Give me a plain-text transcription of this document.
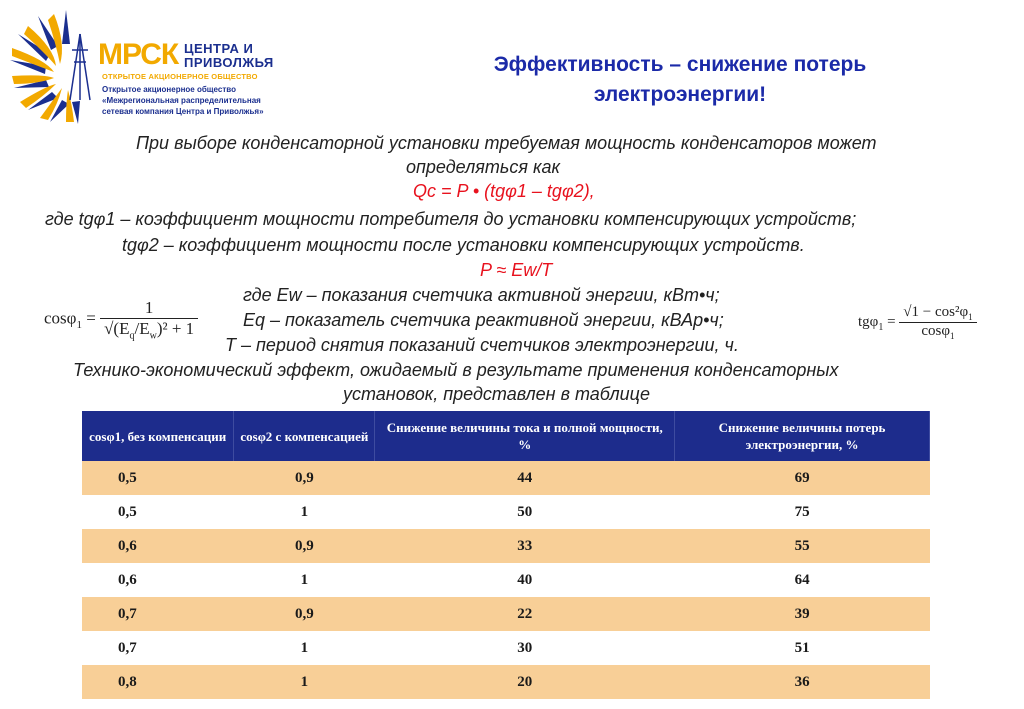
МРСК ЦЕНТРА И
ПРИВОЛЖЬЯ
ОТКРЫТОЕ АКЦИОНЕРНОЕ ОБЩЕСТВО
Открытое акционерное общество
«Межрегиональная распределительная
сетевая компания Центра и Приволжья»
Эффективность – снижение потерь
электроэнергии!
При выборе конденсаторной установки требуемая мощность конденсаторов может
определяться как
Qc = P • (tgφ1 – tgφ2),
где tgφ1 – коэффициент мощности потребителя до установки компенсирующих устройств;
tgφ2 – коэффициент мощности после установки компенсирующих устройств.
P ≈ Ew/T
где Ew – показания счетчика активной энергии, кВт•ч;
Eq – показатель счетчика реактивной энергии, кВАр•ч;
T – период снятия показаний счетчиков электроэнергии, ч.
Технико-экономический эффект, ожидаемый в результате применения конденсаторных
установок, представлен в таблице
$\cos\varphi_1 = \frac{1}{√(E_q/E_w)^2 + 1}$	$tg\varphi_1 = \frac{√1 - \cos^2\varphi_1}{\cos\varphi_1}$
cosφ1, без компенсации	cosφ2 с компенсацией	Снижение величины тока и полной мощности, %	Снижение величины потерь электроэнергии, %
0,5	0,9	44	69
0,5	1	50	75
0,6	0,9	33	55
0,6	1	40	64
0,7	0,9	22	39
0,7	1	30	51
0,8	1	20	36
